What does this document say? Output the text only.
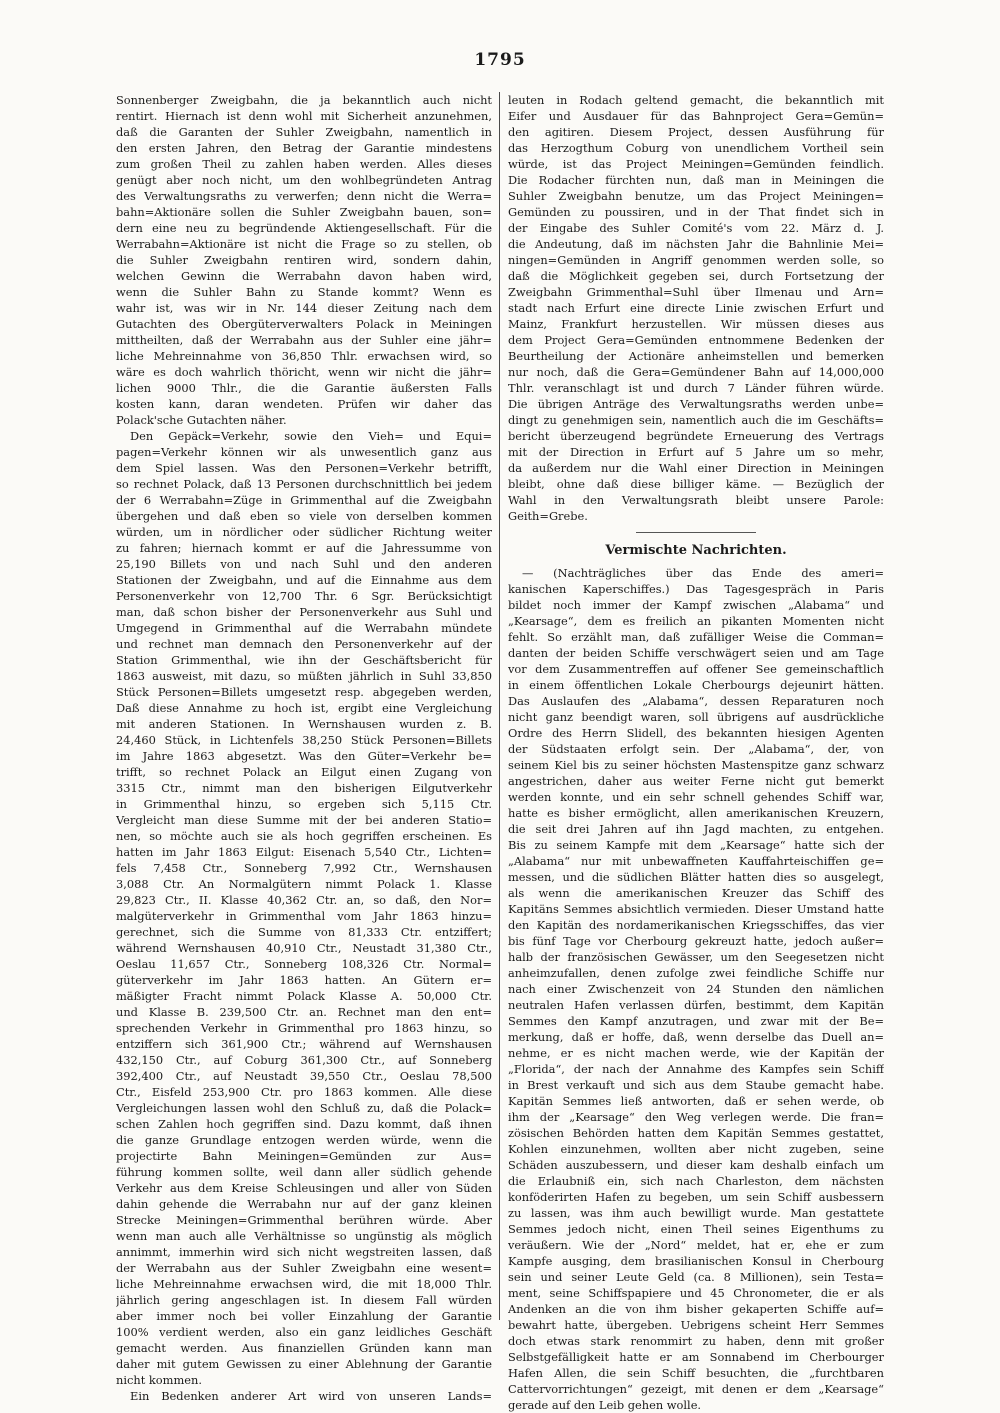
1795
Sonnenberger Zweigbahn, die ja bekanntlich auch nicht
rentirt. Hiernach ist denn wohl mit Sicherheit anzunehmen,
daß die Garanten der Suhler Zweigbahn, namentlich in
den ersten Jahren, den Betrag der Garantie mindestens
zum großen Theil zu zahlen haben werden. Alles dieses
genügt aber noch nicht, um den wohlbegründeten Antrag
des Verwaltungsraths zu verwerfen; denn nicht die Werra=
bahn=Aktionäre sollen die Suhler Zweigbahn bauen, son=
dern eine neu zu begründende Aktiengesellschaft. Für die
Werrabahn=Aktionäre ist nicht die Frage so zu stellen, ob
die Suhler Zweigbahn rentiren wird, sondern dahin,
welchen Gewinn die Werrabahn davon haben wird,
wenn die Suhler Bahn zu Stande kommt? Wenn es
wahr ist, was wir in Nr. 144 dieser Zeitung nach dem
Gutachten des Obergüterverwalters Polack in Meiningen
mittheilten, daß der Werrabahn aus der Suhler eine jähr=
liche Mehreinnahme von 36,850 Thlr. erwachsen wird, so
wäre es doch wahrlich thöricht, wenn wir nicht die jähr=
lichen 9000 Thlr., die die Garantie äußersten Falls
kosten kann, daran wendeten. Prüfen wir daher das
Polack'sche Gutachten näher.
Den Gepäck=Verkehr, sowie den Vieh= und Equi=
pagen=Verkehr können wir als unwesentlich ganz aus
dem Spiel lassen. Was den Personen=Verkehr betrifft,
so rechnet Polack, daß 13 Personen durchschnittlich bei jedem
der 6 Werrabahn=Züge in Grimmenthal auf die Zweigbahn
übergehen und daß eben so viele von derselben kommen
würden, um in nördlicher oder südlicher Richtung weiter
zu fahren; hiernach kommt er auf die Jahressumme von
25,190 Billets von und nach Suhl und den anderen
Stationen der Zweigbahn, und auf die Einnahme aus dem
Personenverkehr von 12,700 Thr. 6 Sgr. Berücksichtigt
man, daß schon bisher der Personenverkehr aus Suhl und
Umgegend in Grimmenthal auf die Werrabahn mündete
und rechnet man demnach den Personenverkehr auf der
Station Grimmenthal, wie ihn der Geschäftsbericht für
1863 ausweist, mit dazu, so müßten jährlich in Suhl 33,850
Stück Personen=Billets umgesetzt resp. abgegeben werden,
Daß diese Annahme zu hoch ist, ergibt eine Vergleichung
mit anderen Stationen. In Wernshausen wurden z. B.
24,460 Stück, in Lichtenfels 38,250 Stück Personen=Billets
im Jahre 1863 abgesetzt. Was den Güter=Verkehr be=
trifft, so rechnet Polack an Eilgut einen Zugang von
3315 Ctr., nimmt man den bisherigen Eilgutverkehr
in Grimmenthal hinzu, so ergeben sich 5,115 Ctr.
Vergleicht man diese Summe mit der bei anderen Statio=
nen, so möchte auch sie als hoch gegriffen erscheinen. Es
hatten im Jahr 1863 Eilgut: Eisenach 5,540 Ctr., Lichten=
fels 7,458 Ctr., Sonneberg 7,992 Ctr., Wernshausen
3,088 Ctr. An Normalgütern nimmt Polack 1. Klasse
29,823 Ctr., II. Klasse 40,362 Ctr. an, so daß, den Nor=
malgüterverkehr in Grimmenthal vom Jahr 1863 hinzu=
gerechnet, sich die Summe von 81,333 Ctr. entziffert;
während Wernshausen 40,910 Ctr., Neustadt 31,380 Ctr.,
Oeslau 11,657 Ctr., Sonneberg 108,326 Ctr. Normal=
güterverkehr im Jahr 1863 hatten. An Gütern er=
mäßigter Fracht nimmt Polack Klasse A. 50,000 Ctr.
und Klasse B. 239,500 Ctr. an. Rechnet man den ent=
sprechenden Verkehr in Grimmenthal pro 1863 hinzu, so
entziffern sich 361,900 Ctr.; während auf Wernshausen
432,150 Ctr., auf Coburg 361,300 Ctr., auf Sonneberg
392,400 Ctr., auf Neustadt 39,550 Ctr., Oeslau 78,500
Ctr., Eisfeld 253,900 Ctr. pro 1863 kommen. Alle diese
Vergleichungen lassen wohl den Schluß zu, daß die Polack=
schen Zahlen hoch gegriffen sind. Dazu kommt, daß ihnen
die ganze Grundlage entzogen werden würde, wenn die
projectirte Bahn Meiningen=Gemünden zur Aus=
führung kommen sollte, weil dann aller südlich gehende
Verkehr aus dem Kreise Schleusingen und aller von Süden
dahin gehende die Werrabahn nur auf der ganz kleinen
Strecke Meiningen=Grimmenthal berühren würde. Aber
wenn man auch alle Verhältnisse so ungünstig als möglich
annimmt, immerhin wird sich nicht wegstreiten lassen, daß
der Werrabahn aus der Suhler Zweigbahn eine wesent=
liche Mehreinnahme erwachsen wird, die mit 18,000 Thlr.
jährlich gering angeschlagen ist. In diesem Fall würden
aber immer noch bei voller Einzahlung der Garantie
100% verdient werden, also ein ganz leidliches Geschäft
gemacht werden. Aus finanziellen Gründen kann man
daher mit gutem Gewissen zu einer Ablehnung der Garantie
nicht kommen.
Ein Bedenken anderer Art wird von unseren Lands=
leuten in Rodach geltend gemacht, die bekanntlich mit
Eifer und Ausdauer für das Bahnproject Gera=Gemün=
den agitiren. Diesem Project, dessen Ausführung für
das Herzogthum Coburg von unendlichem Vortheil sein
würde, ist das Project Meiningen=Gemünden feindlich.
Die Rodacher fürchten nun, daß man in Meiningen die
Suhler Zweigbahn benutze, um das Project Meiningen=
Gemünden zu poussiren, und in der That findet sich in
der Eingabe des Suhler Comité's vom 22. März d. J.
die Andeutung, daß im nächsten Jahr die Bahnlinie Mei=
ningen=Gemünden in Angriff genommen werden solle, so
daß die Möglichkeit gegeben sei, durch Fortsetzung der
Zweigbahn Grimmenthal=Suhl über Ilmenau und Arn=
stadt nach Erfurt eine directe Linie zwischen Erfurt und
Mainz, Frankfurt herzustellen. Wir müssen dieses aus
dem Project Gera=Gemünden entnommene Bedenken der
Beurtheilung der Actionäre anheimstellen und bemerken
nur noch, daß die Gera=Gemündener Bahn auf 14,000,000
Thlr. veranschlagt ist und durch 7 Länder führen würde.
Die übrigen Anträge des Verwaltungsraths werden unbe=
dingt zu genehmigen sein, namentlich auch die im Geschäfts=
bericht überzeugend begründete Erneuerung des Vertrags
mit der Direction in Erfurt auf 5 Jahre um so mehr,
da außerdem nur die Wahl einer Direction in Meiningen
bleibt, ohne daß diese billiger käme. — Bezüglich der
Wahl in den Verwaltungsrath bleibt unsere Parole:
Geith=Grebe.
Vermischte Nachrichten.
— (Nachträgliches über das Ende des ameri=
kanischen Kaperschiffes.) Das Tagesgespräch in Paris
bildet noch immer der Kampf zwischen „Alabama“ und
„Kearsage“, dem es freilich an pikanten Momenten nicht
fehlt. So erzählt man, daß zufälliger Weise die Comman=
danten der beiden Schiffe verschwägert seien und am Tage
vor dem Zusammentreffen auf offener See gemeinschaftlich
in einem öffentlichen Lokale Cherbourgs dejeunirt hätten.
Das Auslaufen des „Alabama“, dessen Reparaturen noch
nicht ganz beendigt waren, soll übrigens auf ausdrückliche
Ordre des Herrn Slidell, des bekannten hiesigen Agenten
der Südstaaten erfolgt sein. Der „Alabama“, der, von
seinem Kiel bis zu seiner höchsten Mastenspitze ganz schwarz
angestrichen, daher aus weiter Ferne nicht gut bemerkt
werden konnte, und ein sehr schnell gehendes Schiff war,
hatte es bisher ermöglicht, allen amerikanischen Kreuzern,
die seit drei Jahren auf ihn Jagd machten, zu entgehen.
Bis zu seinem Kampfe mit dem „Kearsage“ hatte sich der
„Alabama“ nur mit unbewaffneten Kauffahrteischiffen ge=
messen, und die südlichen Blätter hatten dies so ausgelegt,
als wenn die amerikanischen Kreuzer das Schiff des
Kapitäns Semmes absichtlich vermieden. Dieser Umstand hatte
den Kapitän des nordamerikanischen Kriegsschiffes, das vier
bis fünf Tage vor Cherbourg gekreuzt hatte, jedoch außer=
halb der französischen Gewässer, um den Seegesetzen nicht
anheimzufallen, denen zufolge zwei feindliche Schiffe nur
nach einer Zwischenzeit von 24 Stunden den nämlichen
neutralen Hafen verlassen dürfen, bestimmt, dem Kapitän
Semmes den Kampf anzutragen, und zwar mit der Be=
merkung, daß er hoffe, daß, wenn derselbe das Duell an=
nehme, er es nicht machen werde, wie der Kapitän der
„Florida“, der nach der Annahme des Kampfes sein Schiff
in Brest verkauft und sich aus dem Staube gemacht habe.
Kapitän Semmes ließ antworten, daß er sehen werde, ob
ihm der „Kearsage“ den Weg verlegen werde. Die fran=
zösischen Behörden hatten dem Kapitän Semmes gestattet,
Kohlen einzunehmen, wollten aber nicht zugeben, seine
Schäden auszubessern, und dieser kam deshalb einfach um
die Erlaubniß ein, sich nach Charleston, dem nächsten
konföderirten Hafen zu begeben, um sein Schiff ausbessern
zu lassen, was ihm auch bewilligt wurde. Man gestattete
Semmes jedoch nicht, einen Theil seines Eigenthums zu
veräußern. Wie der „Nord“ meldet, hat er, ehe er zum
Kampfe ausging, dem brasilianischen Konsul in Cherbourg
sein und seiner Leute Geld (ca. 8 Millionen), sein Testa=
ment, seine Schiffspapiere und 45 Chronometer, die er als
Andenken an die von ihm bisher gekaperten Schiffe auf=
bewahrt hatte, übergeben. Uebrigens scheint Herr Semmes
doch etwas stark renommirt zu haben, denn mit großer
Selbstgefälligkeit hatte er am Sonnabend im Cherbourger
Hafen Allen, die sein Schiff besuchten, die „furchtbaren
Cattervorrichtungen“ gezeigt, mit denen er dem „Kearsage“
gerade auf den Leib gehen wolle.
